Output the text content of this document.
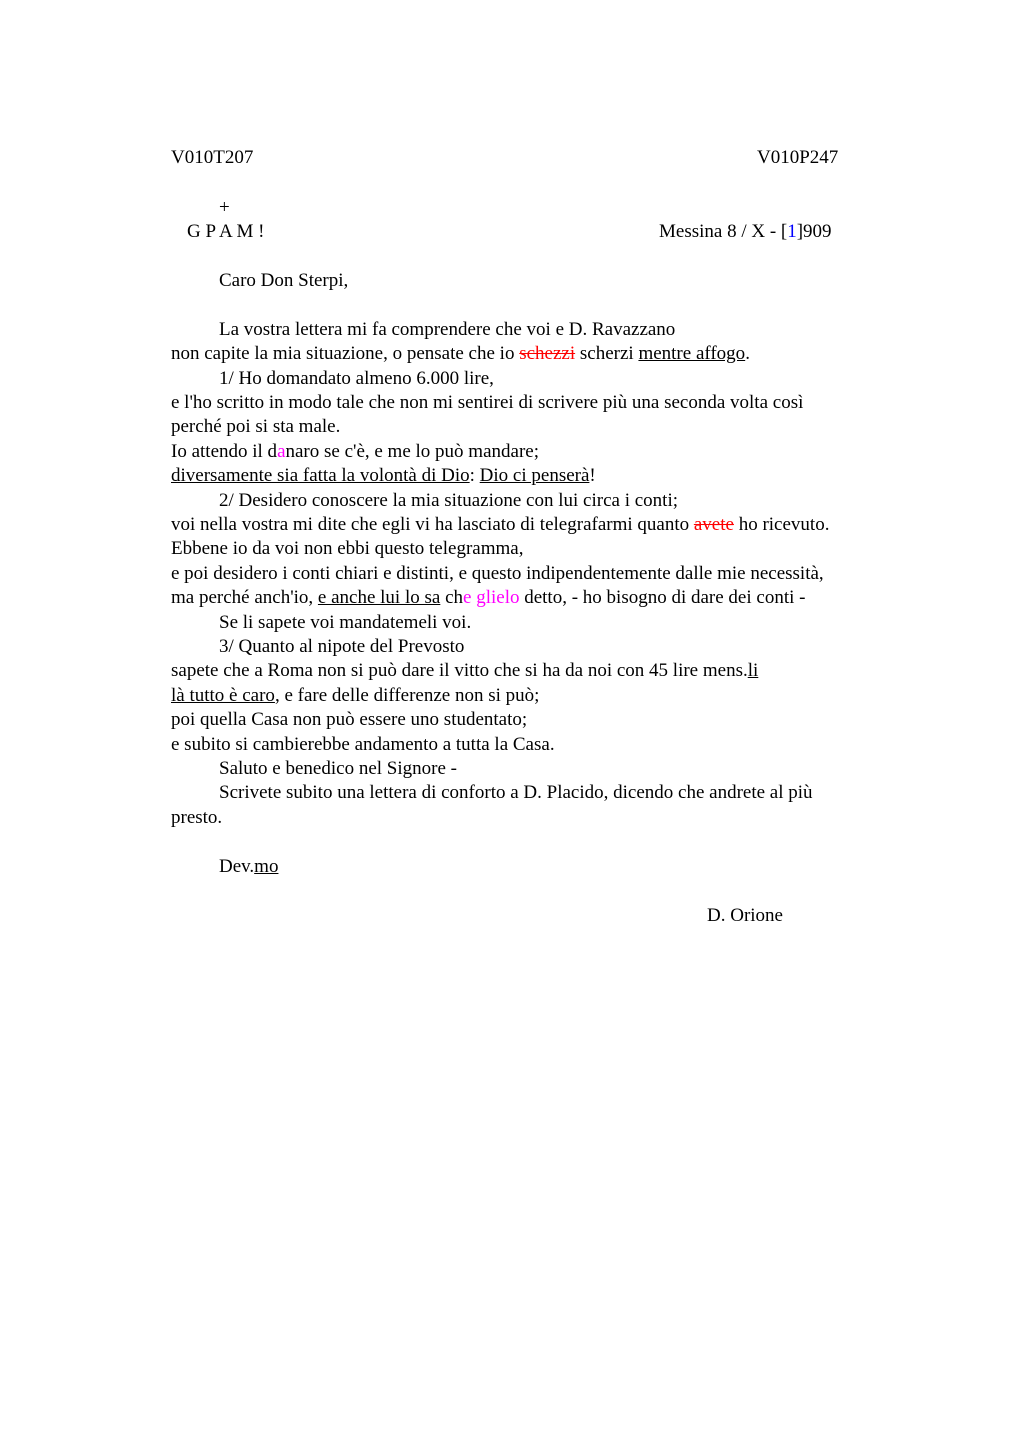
V010T207	V010P247
+
G P A M !	Messina 8 / X - [1]909
Caro Don Sterpi,
La vostra lettera mi fa comprendere che voi e D. Ravazzano
non capite la mia situazione, o pensate che io schezzi scherzi mentre affogo.
1/ Ho domandato almeno 6.000 lire,
e l'ho scritto in modo tale che non mi sentirei di scrivere più una seconda volta così
perché poi si sta male.
Io attendo il danaro se c'è, e me lo può mandare;
diversamente sia fatta la volontà di Dio: Dio ci penserà!
2/ Desidero conoscere la mia situazione con lui circa i conti;
voi nella vostra mi dite che egli vi ha lasciato di telegrafarmi quanto avete ho ricevuto.
Ebbene io da voi non ebbi questo telegramma,
e poi desidero i conti chiari e distinti, e questo indipendentemente dalle mie necessità,
ma perché anch'io, e anche lui lo sa che glielo detto, - ho bisogno di dare dei conti -
Se li sapete voi mandatemeli voi.
3/ Quanto al nipote del Prevosto
sapete che a Roma non si può dare il vitto che si ha da noi con 45 lire mens.li
là tutto è caro, e fare delle differenze non si può;
poi quella Casa non può essere uno studentato;
e subito si cambierebbe andamento a tutta la Casa.
Saluto e benedico nel Signore -
Scrivete subito una lettera di conforto a D. Placido, dicendo che andrete al più
presto.
Dev.mo
D. Orione
